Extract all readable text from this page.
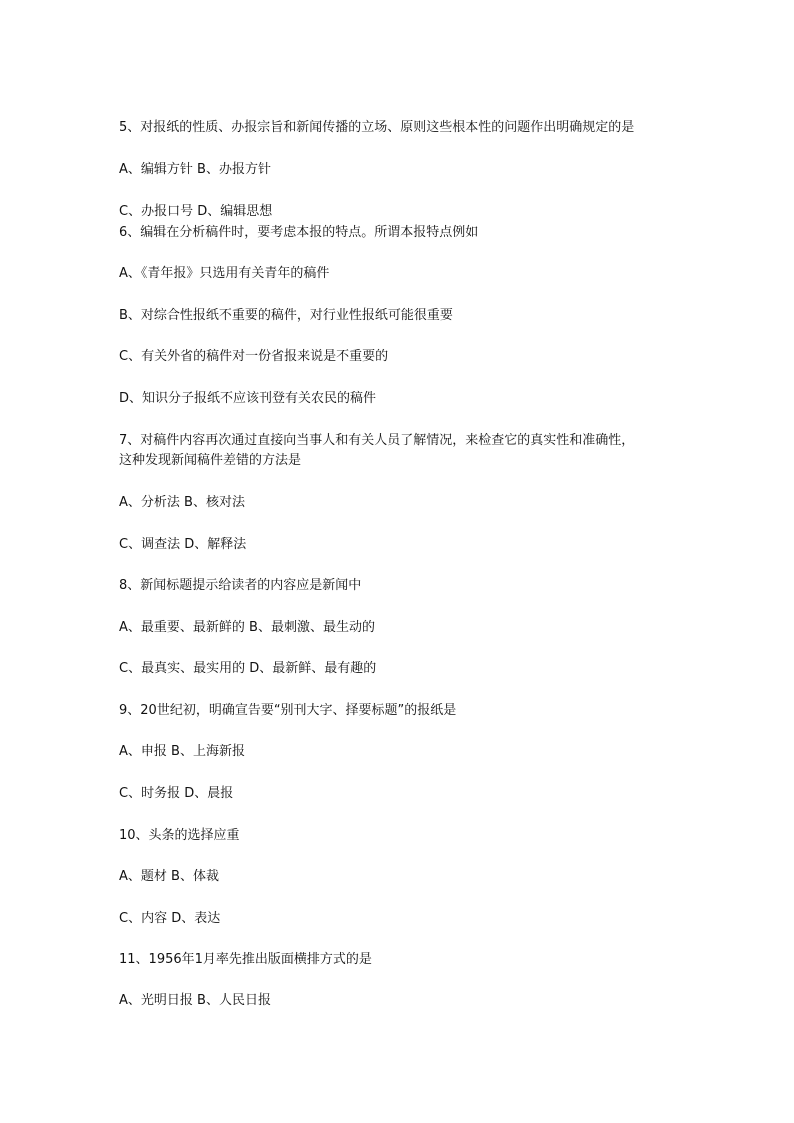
5、对报纸的性质、办报宗旨和新闻传播的立场、原则这些根本性的问题作出明确规定的是
A、编辑方针 B、办报方针
C、办报口号 D、编辑思想
6、编辑在分析稿件时，要考虑本报的特点。所谓本报特点例如
A、《青年报》只选用有关青年的稿件
B、对综合性报纸不重要的稿件，对行业性报纸可能很重要
C、有关外省的稿件对一份省报来说是不重要的
D、知识分子报纸不应该刊登有关农民的稿件
7、对稿件内容再次通过直接向当事人和有关人员了解情况，来检查它的真实性和准确性，
这种发现新闻稿件差错的方法是
A、分析法 B、核对法
C、调查法 D、解释法
8、新闻标题提示给读者的内容应是新闻中
A、最重要、最新鲜的 B、最刺激、最生动的
C、最真实、最实用的 D、最新鲜、最有趣的
9、20世纪初，明确宣告要“别刊大字、择要标题”的报纸是
A、申报 B、上海新报
C、时务报 D、晨报
10、头条的选择应重
A、题材 B、体裁
C、内容 D、表达
11、1956年1月率先推出版面横排方式的是
A、光明日报 B、人民日报
